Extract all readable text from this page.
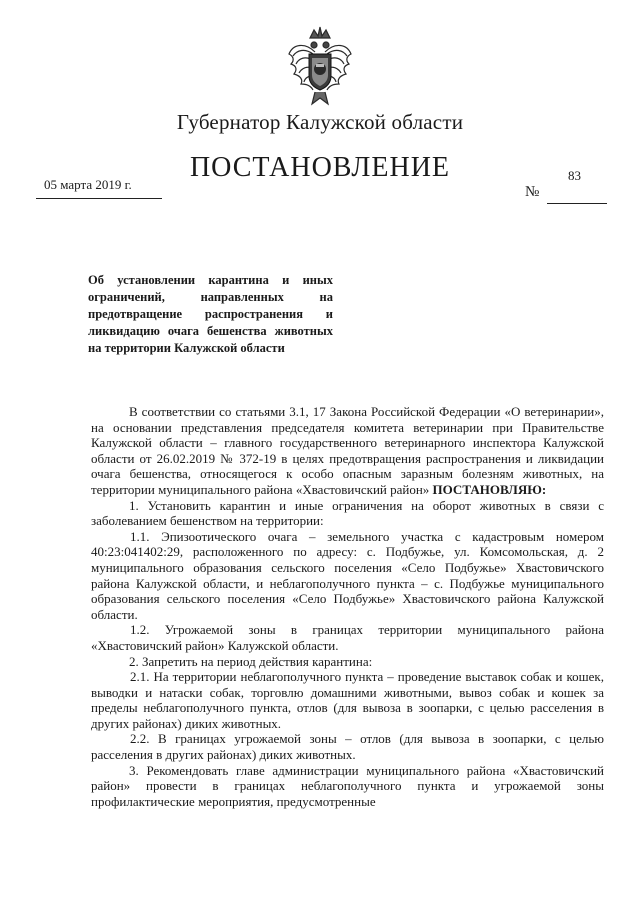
Губернатор Калужской области
ПОСТАНОВЛЕНИЕ
05 марта 2019 г.	№
83
Об установлении карантина и иных ограничений, направленных на предотвращение распространения и ликвидацию очага бешенства животных на территории Калужской области

В соответствии со статьями 3.1, 17 Закона Российской Федерации «О ветеринарии», на основании представления председателя комитета ветеринарии при Правительстве Калужской области – главного государственного ветеринарного инспектора Калужской области от 26.02.2019 № 372-19 в целях предотвращения распространения и ликвидации очага бешенства, относящегося к особо опасным заразным болезням животных, на территории муниципального района «Хвастовичский район» ПОСТАНОВЛЯЮ:

1. Установить карантин и иные ограничения на оборот животных в связи с заболеванием бешенством на территории:

1.1. Эпизоотического очага – земельного участка с кадастровым номером 40:23:041402:29, расположенного по адресу: с. Подбужье, ул. Комсомольская, д. 2 муниципального образования сельского поселения «Село Подбужье» Хвастовичского района Калужской области, и неблагополучного пункта – с. Подбужье муниципального образования сельского поселения «Село Подбужье» Хвастовичского района Калужской области.

1.2. Угрожаемой зоны в границах территории муниципального района «Хвастовичский район» Калужской области.

2. Запретить на период действия карантина:

2.1. На территории неблагополучного пункта – проведение выставок собак и кошек, выводки и натаски собак, торговлю домашними животными, вывоз собак и кошек за пределы неблагополучного пункта, отлов (для вывоза в зоопарки, с целью расселения в других районах) диких животных.

2.2. В границах угрожаемой зоны – отлов (для вывоза в зоопарки, с целью расселения в других районах) диких животных.

3. Рекомендовать главе администрации муниципального района «Хвастовичский район» провести в границах неблагополучного пункта и угрожаемой зоны профилактические мероприятия, предусмотренные
